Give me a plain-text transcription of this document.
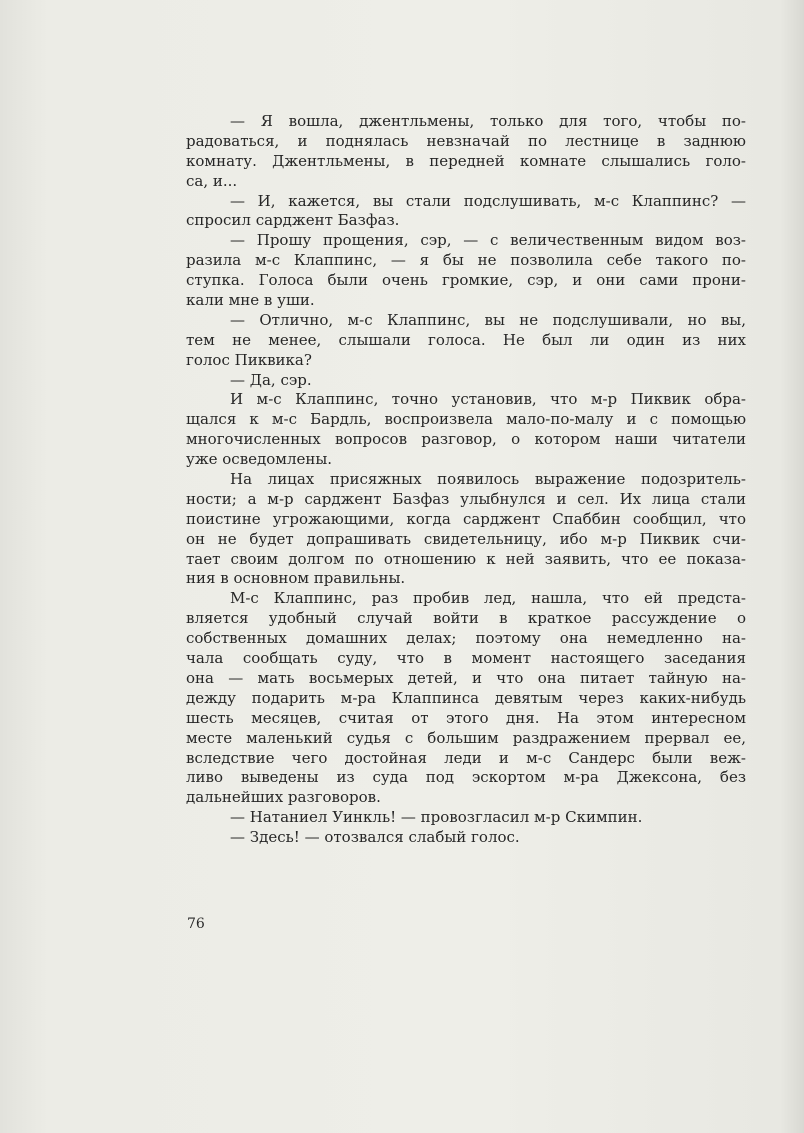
— Я вошла, джентльмены, только для того, чтобы по-
радоваться, и поднялась невзначай по лестнице в заднюю
комнату. Джентльмены, в передней комнате слышались голо-
са, и...
— И, кажется, вы стали подслушивать, м-с Клаппинс? —
спросил сарджент Базфаз.
— Прошу прощения, сэр, — с величественным видом воз-
разила м-с Клаппинс, — я бы не позволила себе такого по-
ступка. Голоса были очень громкие, сэр, и они сами прони-
кали мне в уши.
— Отлично, м-с Клаппинс, вы не подслушивали, но вы,
тем не менее, слышали голоса. Не был ли один из них
голос Пиквика?
— Да, сэр.
И м-с Клаппинс, точно установив, что м-р Пиквик обра-
щался к м-с Бардль, воспроизвела мало-по-малу и с помощью
многочисленных вопросов разговор, о котором наши читатели
уже осведомлены.
На лицах присяжных появилось выражение подозритель-
ности; а м-р сарджент Базфаз улыбнулся и сел. Их лица стали
поистине угрожающими, когда сарджент Спаббин сообщил, что
он не будет допрашивать свидетельницу, ибо м-р Пиквик счи-
тает своим долгом по отношению к ней заявить, что ее показа-
ния в основном правильны.
М-с Клаппинс, раз пробив лед, нашла, что ей предста-
вляется удобный случай войти в краткое рассуждение о
собственных домашних делах; поэтому она немедленно на-
чала сообщать суду, что в момент настоящего заседания
она — мать восьмерых детей, и что она питает тайную на-
дежду подарить м-ра Клаппинса девятым через каких-нибудь
шесть месяцев, считая от этого дня. На этом интересном
месте маленький судья с большим раздражением прервал ее,
вследствие чего достойная леди и м-с Сандерс были веж-
ливо выведены из суда под эскортом м-ра Джексона, без
дальнейших разговоров.
— Натаниел Уинкль! — провозгласил м-р Скимпин.
— Здесь! — отозвался слабый голос.
76
